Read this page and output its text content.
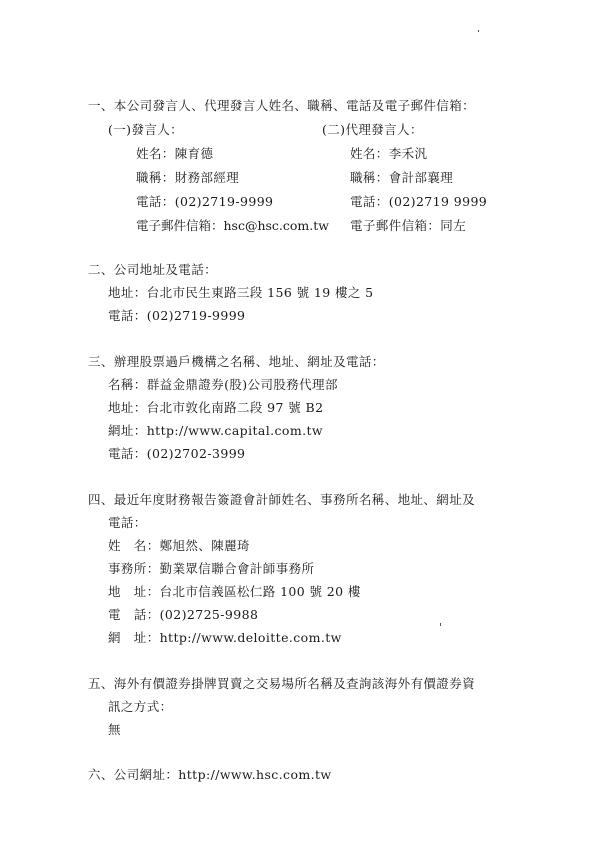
一、本公司發言人、代理發言人姓名、職稱、電話及電子郵件信箱：
(一)發言人：	(二)代理發言人：
姓名：陳育德	姓名：李禾汎
職稱：財務部經理	職稱：會計部襄理
電話：(02)2719-9999	電話：(02)2719 9999
電子郵件信箱：hsc@hsc.com.tw 電子郵件信箱：同左
二、公司地址及電話：
地址：台北市民生東路三段 156 號 19 樓之 5
電話：(02)2719-9999
三、辦理股票過戶機構之名稱、地址、網址及電話：
名稱：群益金鼎證券(股)公司股務代理部
地址：台北市敦化南路二段 97 號 B2
網址：http://www.capital.com.tw
電話：(02)2702-3999
四、最近年度財務報告簽證會計師姓名、事務所名稱、地址、網址及
電話：
姓　名：鄭旭然、陳麗琦
事務所：勤業眾信聯合會計師事務所
地　址：台北市信義區松仁路 100 號 20 樓
電　話：(02)2725-9988
網　址：http://www.deloitte.com.tw
五、海外有價證券掛牌買賣之交易場所名稱及查詢該海外有價證券資
訊之方式：
無
六、公司網址：http://www.hsc.com.tw
